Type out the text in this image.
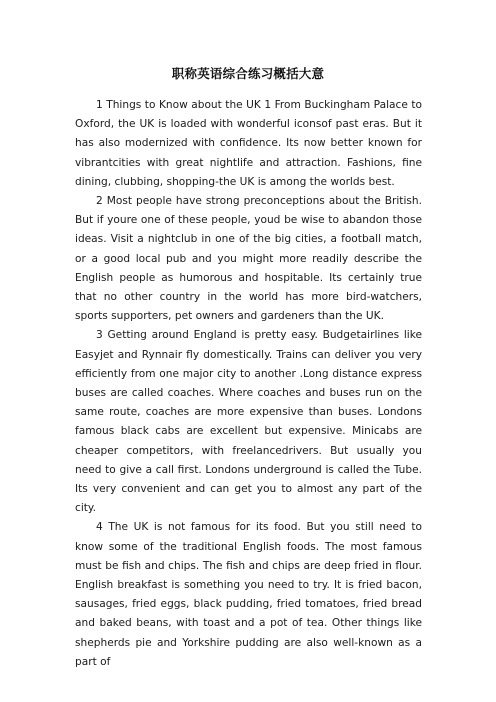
职称英语综合练习概括大意

1 Things to Know about the UK 1 From Buckingham Palace to Oxford, the UK is loaded with wonderful iconsof past eras. But it has also modernized with confidence. Its now better known for vibrantcities with great nightlife and attraction. Fashions, fine dining, clubbing, shopping-the UK is among the worlds best.

2 Most people have strong preconceptions about the British. But if youre one of these people, youd be wise to abandon those ideas. Visit a nightclub in one of the big cities, a football match, or a good local pub and you might more readily describe the English people as humorous and hospitable. Its certainly true that no other country in the world has more bird-watchers, sports supporters, pet owners and gardeners than the UK.

3 Getting around England is pretty easy. Budgetairlines like Easyjet and Rynnair fly domestically. Trains can deliver you very efficiently from one major city to another .Long distance express buses are called coaches. Where coaches and buses run on the same route, coaches are more expensive than buses. Londons famous black cabs are excellent but expensive. Minicabs are cheaper competitors, with freelancedrivers. But usually you need to give a call first. Londons underground is called the Tube. Its very convenient and can get you to almost any part of the city.

4 The UK is not famous for its food. But you still need to know some of the traditional English foods. The most famous must be fish and chips. The fish and chips are deep fried in flour. English breakfast is something you need to try. It is fried bacon, sausages, fried eggs, black pudding, fried tomatoes, fried bread and baked beans, with toast and a pot of tea. Other things like shepherds pie and Yorkshire pudding are also well-known as a part of
